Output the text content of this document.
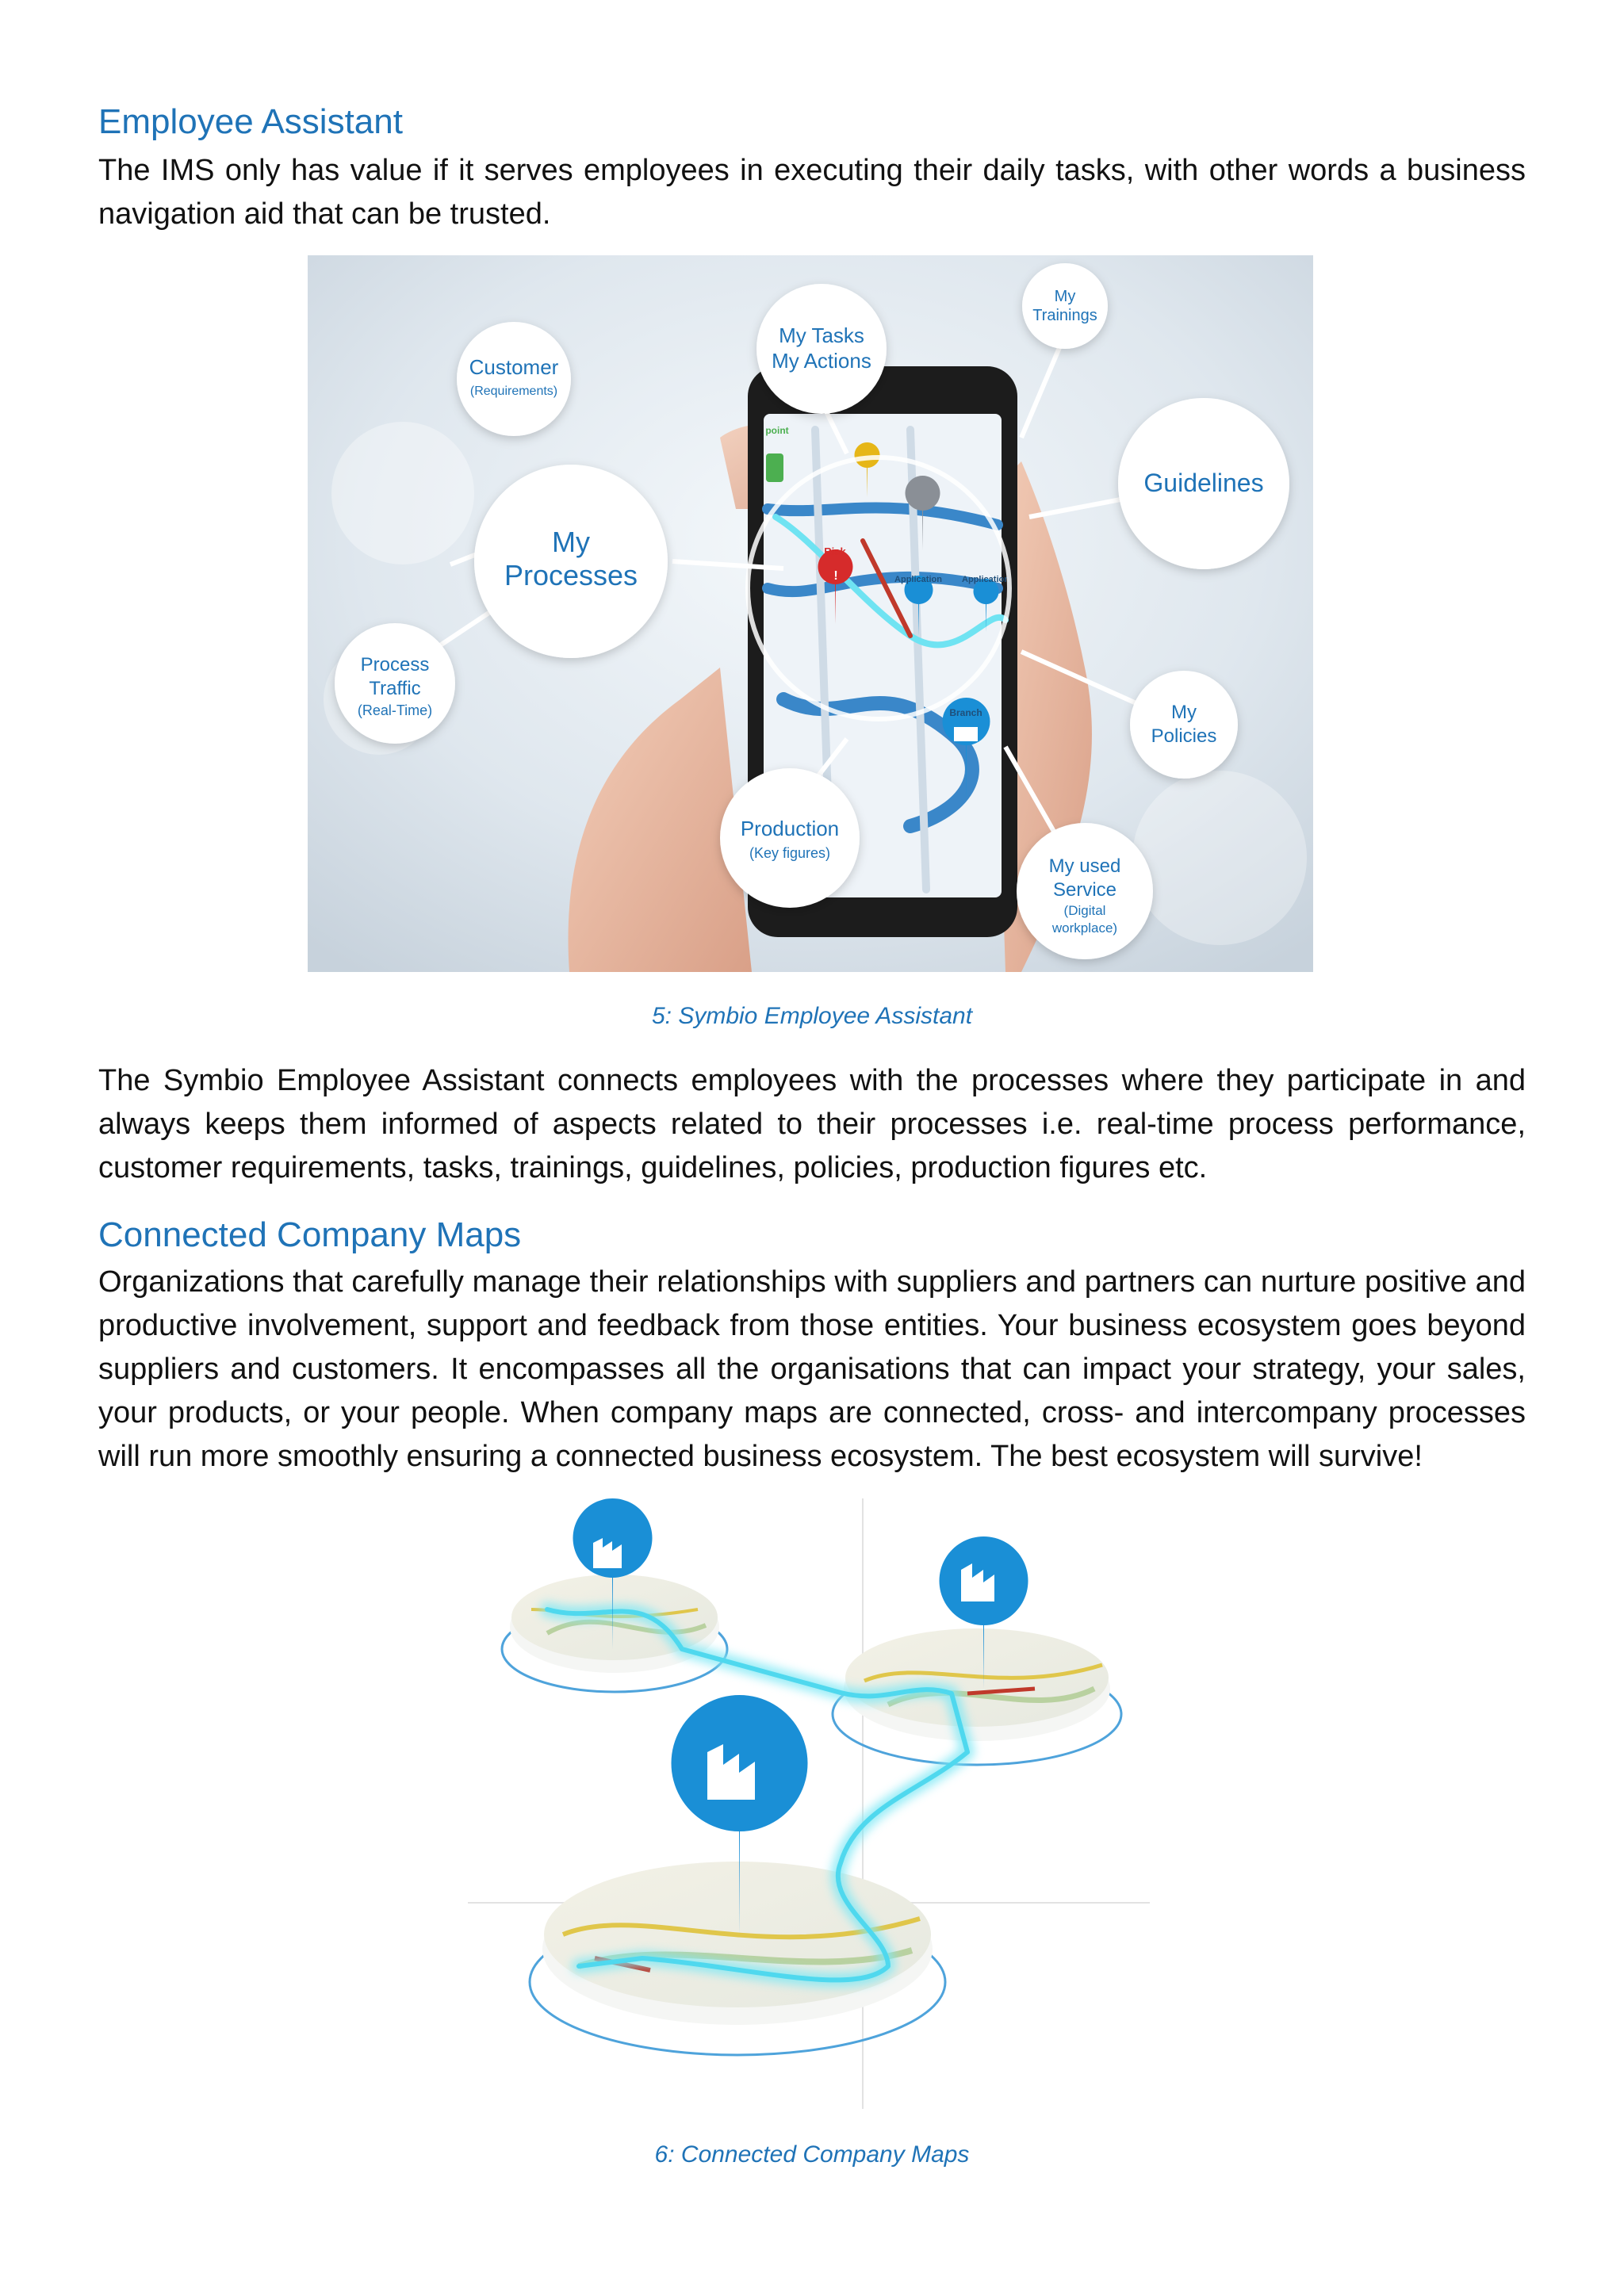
Employee Assistant

The IMS only has value if it serves employees in executing their daily tasks, with other words a business navigation aid that can be trusted.

!
Risk
Application Application
Branch
point
Customer
(Requirements)
My Tasks
My Actions
My
Trainings
My
Processes
Guidelines
Process
Traffic
(Real-Time)	My
Policies
Production
(Key figures)
My used
Service
(Digital
workplace)
5: Symbio Employee Assistant

The Symbio Employee Assistant connects employees with the processes where they participate in and always keeps them informed of aspects related to their processes i.e. real-time process performance, customer requirements, tasks, trainings, guidelines, policies, production figures etc.

Connected Company Maps

Organizations that carefully manage their relationships with suppliers and partners can nurture positive and productive involvement, support and feedback from those entities. Your business ecosystem goes beyond suppliers and customers. It encompasses all the organisations that can impact your strategy, your sales, your products, or your people. When company maps are connected, cross- and intercompany processes will run more smoothly ensuring a connected business ecosystem. The best ecosystem will survive!

6: Connected Company Maps
